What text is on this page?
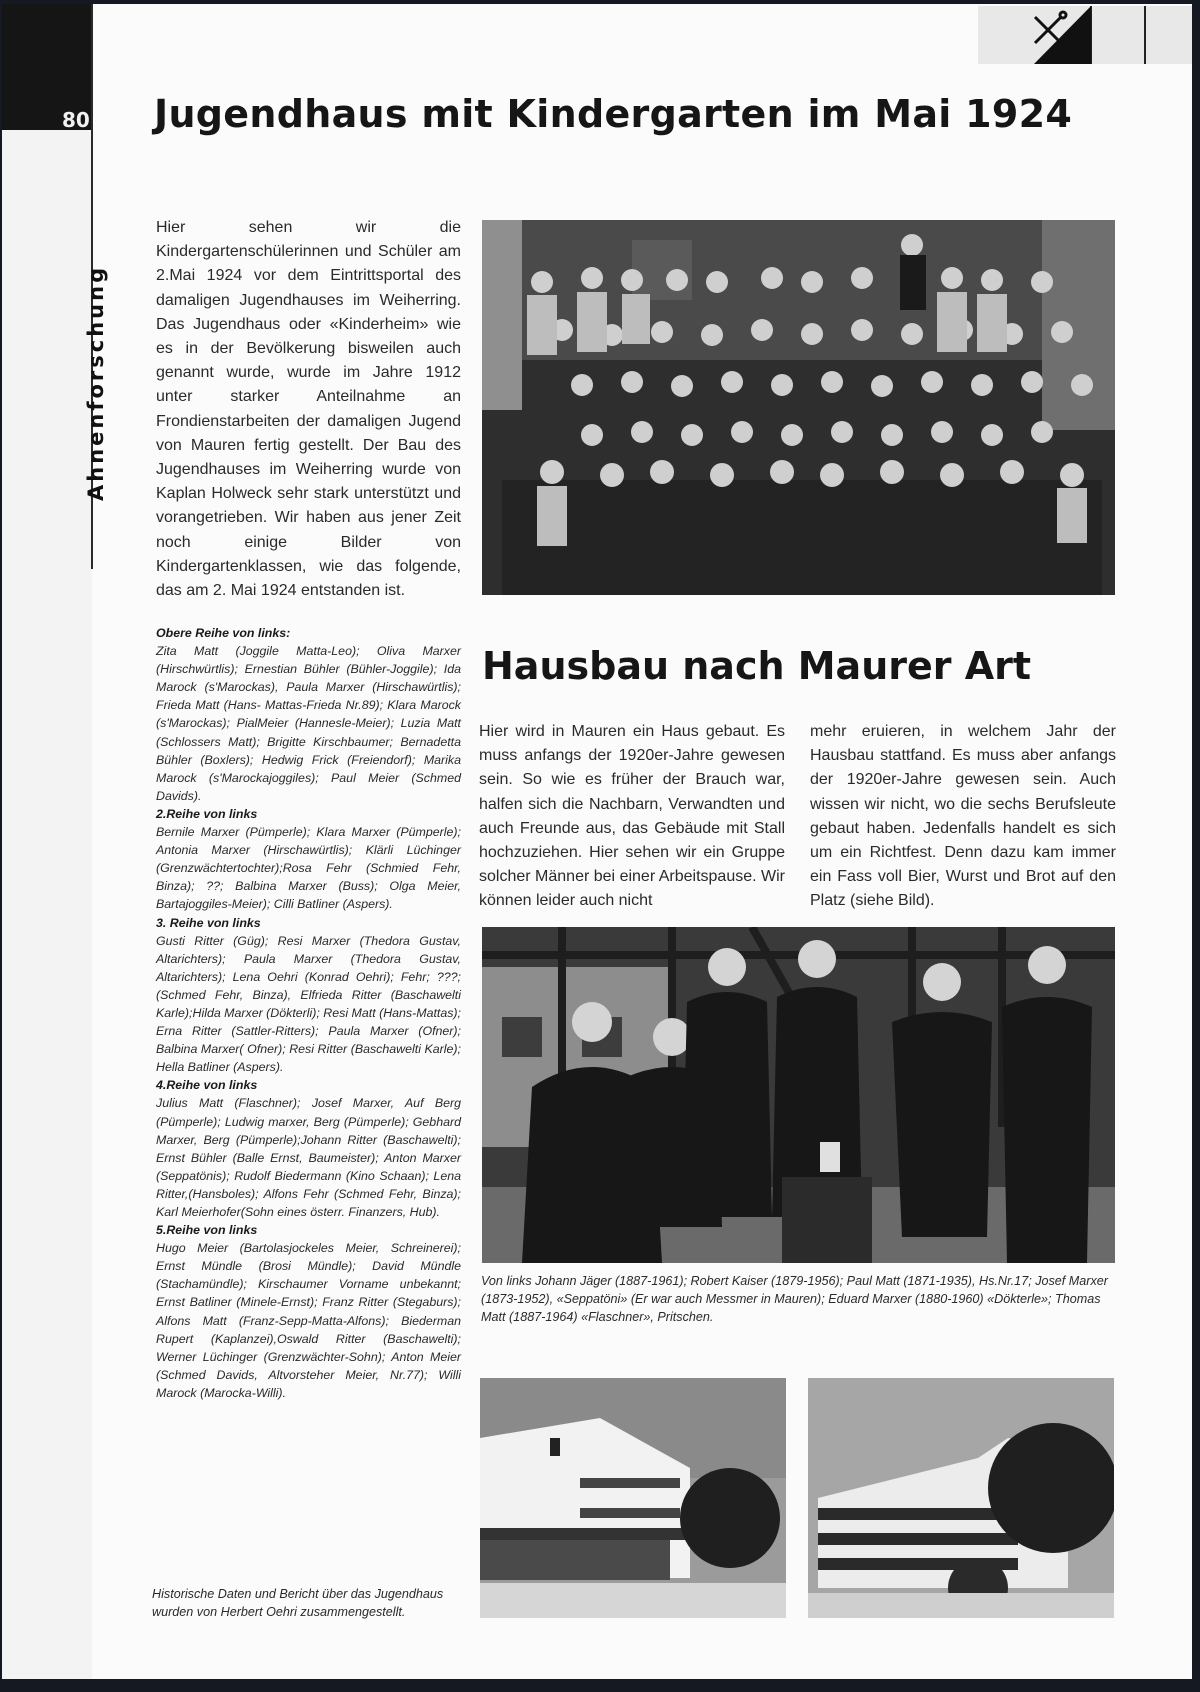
80
Ahnenforschung
Jugendhaus mit Kindergarten im Mai 1924

Hier sehen wir die Kindergartenschülerinnen und Schüler am 2.Mai 1924 vor dem Eintrittsportal des damaligen Jugendhauses im Weiherring. Das Jugendhaus oder «Kinderheim» wie es in der Bevölkerung bisweilen auch genannt wurde, wurde im Jahre 1912 unter starker Anteilnahme an Frondienstarbeiten der damaligen Jugend von Mauren fertig gestellt. Der Bau des Jugendhauses im Weiherring wurde von Kaplan Holweck sehr stark unterstützt und vorangetrieben. Wir haben aus jener Zeit noch einige Bilder von Kindergartenklassen, wie das folgende, das am 2. Mai 1924 entstanden ist.

Obere Reihe von links:

Zita Matt (Joggile Matta-Leo); Oliva Marxer (Hirschwürtlis); Ernestian Bühler (Bühler-Joggile); Ida Marock (s'Marockas), Paula Marxer (Hirschawürtlis); Frieda Matt (Hans- Mattas-Frieda Nr.89); Klara Marock (s'Marockas); PialMeier (Hannesle-Meier); Luzia Matt (Schlossers Matt); Brigitte Kirschbaumer; Bernadetta Bühler (Boxlers); Hedwig Frick (Freiendorf); Marika Marock (s'Marockajoggiles); Paul Meier (Schmed Davids).

2.Reihe von links

Bernile Marxer (Pümperle); Klara Marxer (Pümperle); Antonia Marxer (Hirschawürtlis); Klärli Lüchinger (Grenzwächtertochter);Rosa Fehr (Schmied Fehr, Binza); ??; Balbina Marxer (Buss); Olga Meier, Bartajoggiles-Meier); Cilli Batliner (Aspers).

3. Reihe von links

Gusti Ritter (Güg); Resi Marxer (Thedora Gustav, Altarichters); Paula Marxer (Thedora Gustav, Altarichters); Lena Oehri (Konrad Oehri); Fehr; ???; (Schmed Fehr, Binza), Elfrieda Ritter (Baschawelti Karle);Hilda Marxer (Dökterli); Resi Matt (Hans-Mattas); Erna Ritter (Sattler-Ritters); Paula Marxer (Ofner); Balbina Marxer( Ofner); Resi Ritter (Baschawelti Karle); Hella Batliner (Aspers).

4.Reihe von links

Julius Matt (Flaschner); Josef Marxer, Auf Berg (Pümperle); Ludwig marxer, Berg (Pümperle); Gebhard Marxer, Berg (Pümperle);Johann Ritter (Baschawelti); Ernst Bühler (Balle Ernst, Baumeister); Anton Marxer (Seppatönis); Rudolf Biedermann (Kino Schaan); Lena Ritter,(Hansboles); Alfons Fehr (Schmed Fehr, Binza); Karl Meierhofer(Sohn eines österr. Finanzers, Hub).

5.Reihe von links

Hugo Meier (Bartolasjockeles Meier, Schreinerei); Ernst Mündle (Brosi Mündle); David Mündle (Stachamündle); Kirschaumer Vorname unbekannt; Ernst Batliner (Minele-Ernst); Franz Ritter (Stegaburs); Alfons Matt (Franz-Sepp-Matta-Alfons); Biederman Rupert (Kaplanzei),Oswald Ritter (Baschawelti); Werner Lüchinger (Grenzwächter-Sohn); Anton Meier (Schmed Davids, Altvorsteher Meier, Nr.77); Willi Marock (Marocka-Willi).

Hausbau nach Maurer Art

Hier wird in Mauren ein Haus gebaut. Es muss anfangs der 1920er-Jahre gewesen sein. So wie es früher der Brauch war, halfen sich die Nachbarn, Verwandten und auch Freunde aus, das Gebäude mit Stall hochzuziehen. Hier sehen wir ein Gruppe solcher Männer bei einer Arbeitspause. Wir können leider auch nicht

mehr eruieren, in welchem Jahr der Hausbau stattfand. Es muss aber anfangs der 1920er-Jahre gewesen sein. Auch wissen wir nicht, wo die sechs Berufsleute gebaut haben. Jedenfalls handelt es sich um ein Richtfest. Denn dazu kam immer ein Fass voll Bier, Wurst und Brot auf den Platz (siehe Bild).

Von links Johann Jäger (1887-1961); Robert Kaiser (1879-1956); Paul Matt (1871-1935), Hs.Nr.17; Josef Marxer (1873-1952), «Seppatöni» (Er war auch Messmer in Mauren); Eduard Marxer (1880-1960) «Dökterle»; Thomas Matt (1887-1964) «Flaschner», Pritschen.

Historische Daten und Bericht über das Jugendhaus wurden von Herbert Oehri zusammengestellt.
